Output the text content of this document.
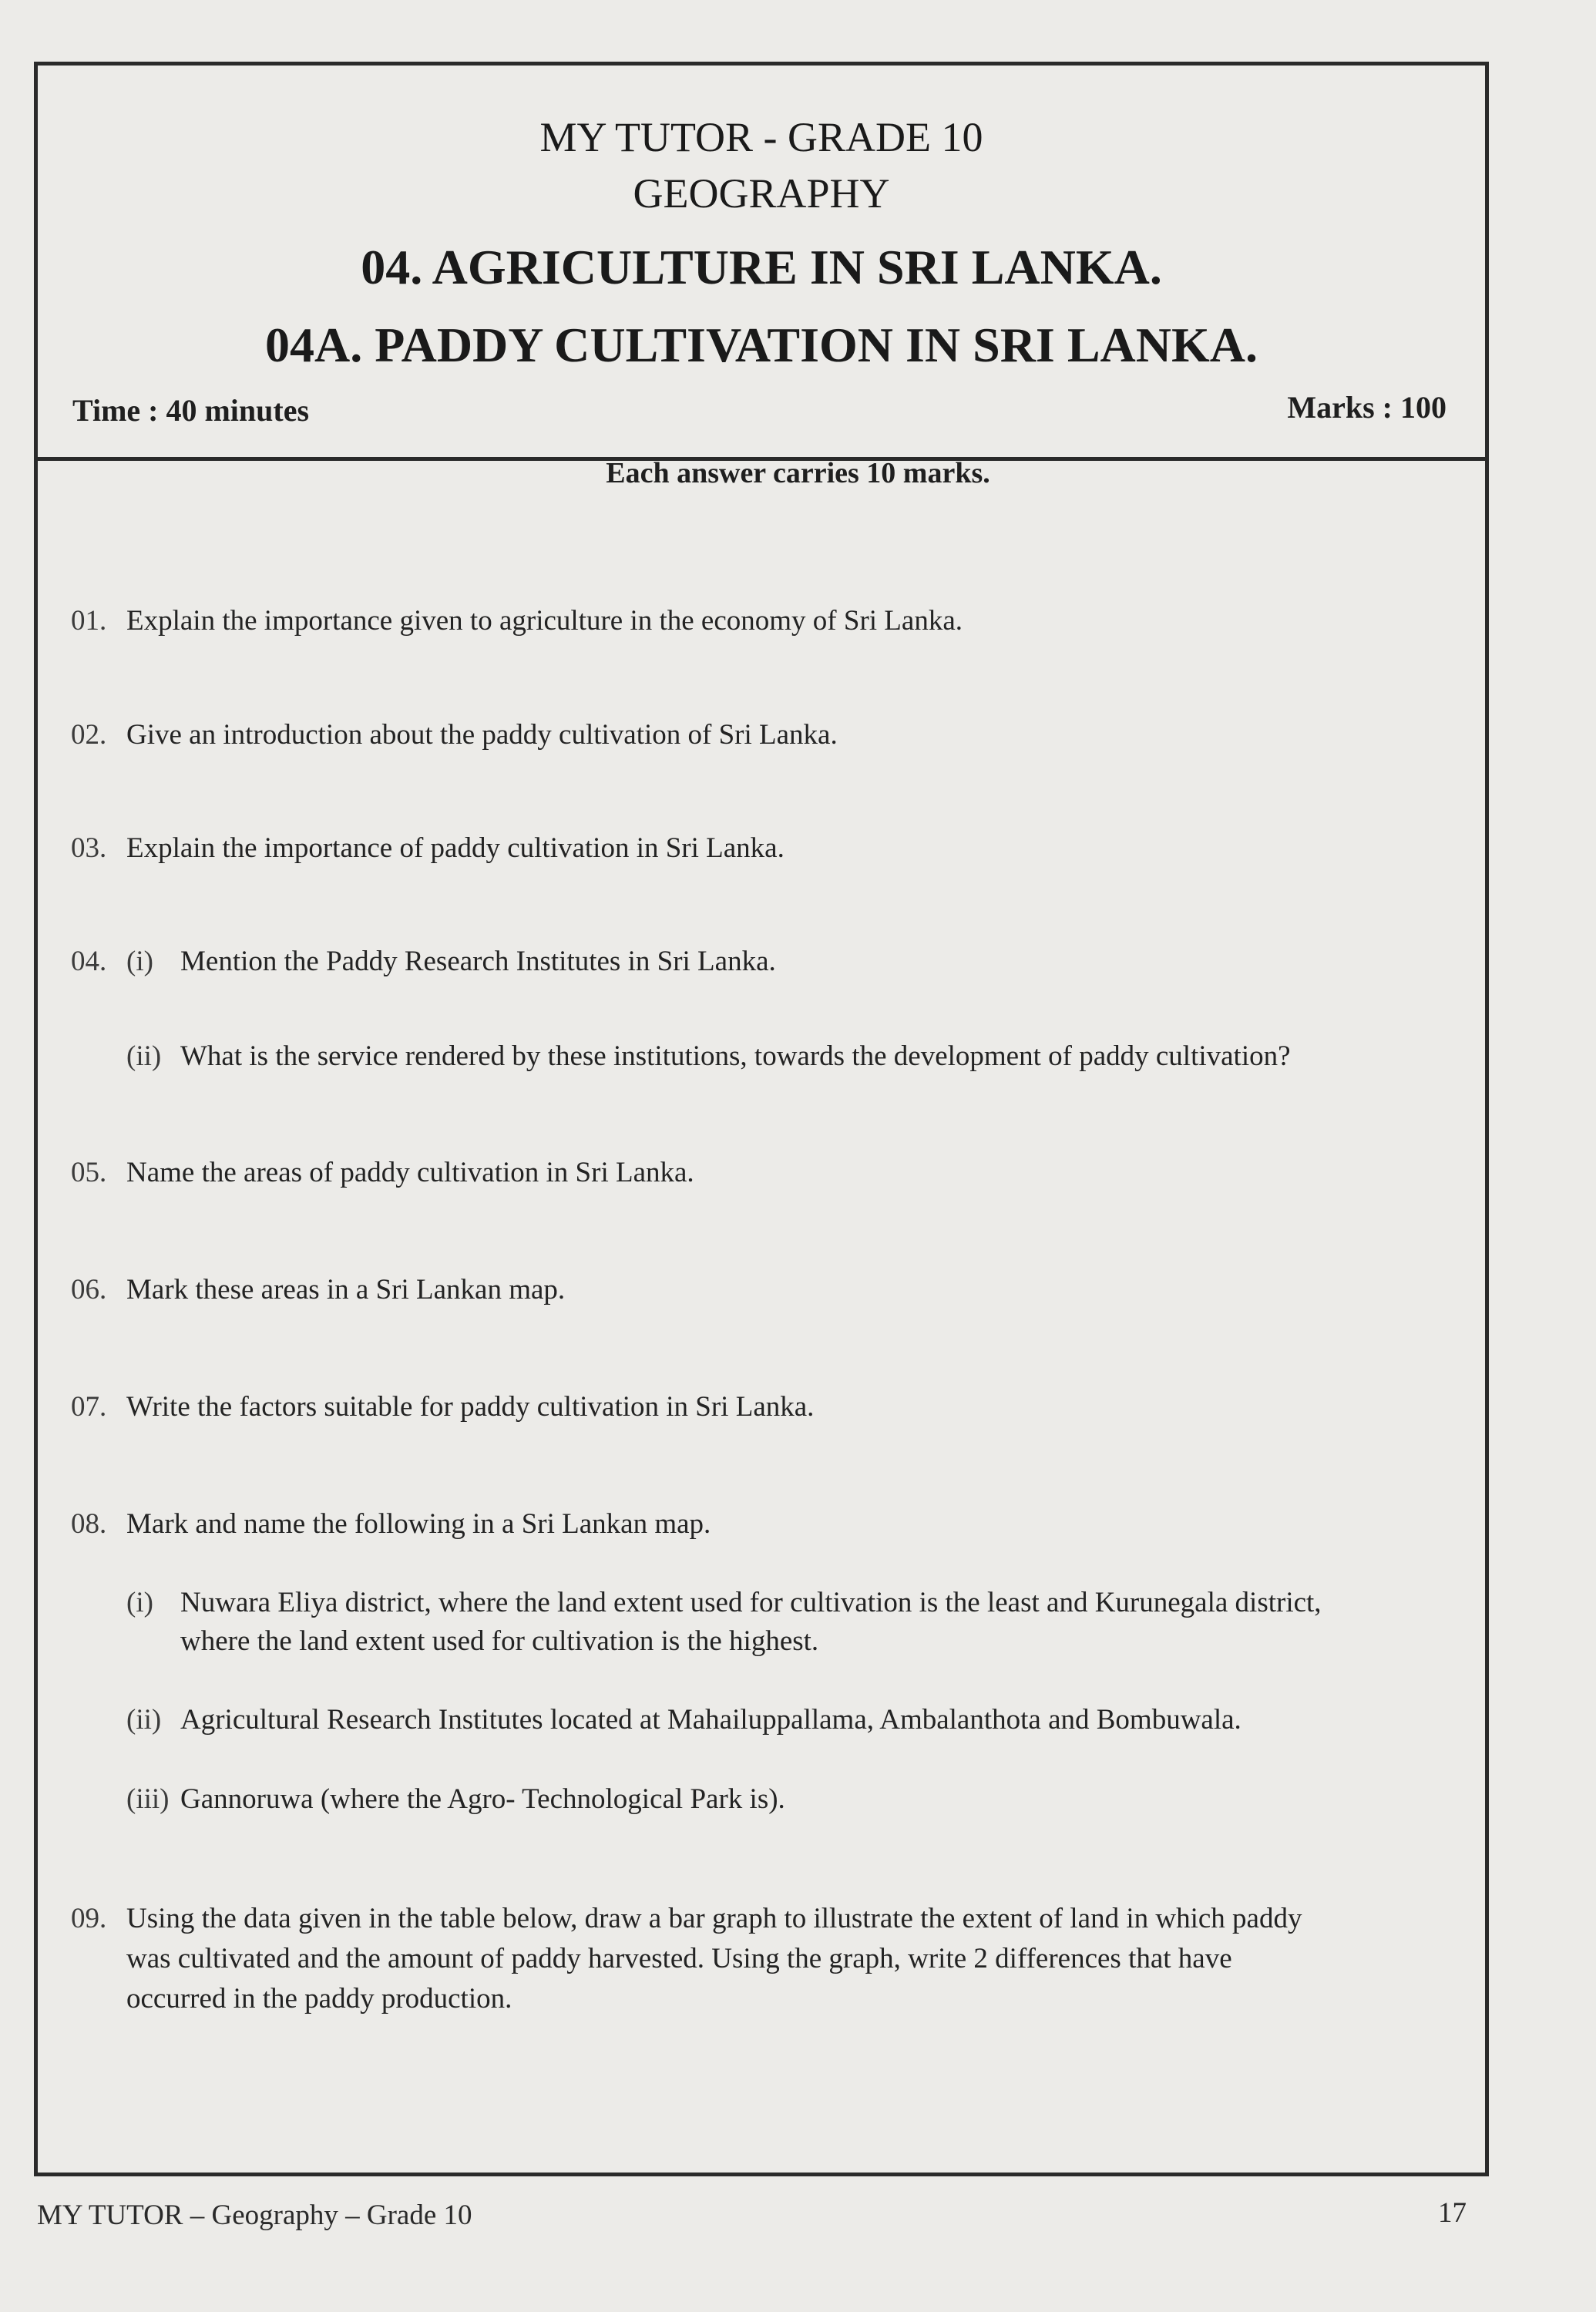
MY TUTOR - GRADE 10
GEOGRAPHY
04. AGRICULTURE IN SRI LANKA.
04A. PADDY CULTIVATION IN SRI LANKA.
Time : 40 minutes	Marks : 100
Each answer carries 10 marks.
01. Explain the importance given to agriculture in the economy of Sri Lanka.
02. Give an introduction about the paddy cultivation of Sri Lanka.
03. Explain the importance of paddy cultivation in Sri Lanka.
04. (i) Mention the Paddy Research Institutes in Sri Lanka.
(ii) What is the service rendered by these institutions, towards the development of paddy cultivation?
05. Name the areas of paddy cultivation in Sri Lanka.
06. Mark these areas in a Sri Lankan map.
07. Write the factors suitable for paddy cultivation in Sri Lanka.
08. Mark and name the following in a Sri Lankan map.
(i) Nuwara Eliya district, where the land extent used for cultivation is the least and Kurunegala district,
where the land extent used for cultivation is the highest.
(ii) Agricultural Research Institutes located at Mahailuppallama, Ambalanthota and Bombuwala.
(iii) Gannoruwa (where the Agro- Technological Park is).
09. Using the data given in the table below, draw a bar graph to illustrate the extent of land in which paddy
was cultivated and the amount of paddy harvested. Using the graph, write 2 differences that have
occurred in the paddy production.
MY TUTOR – Geography – Grade 10	17
